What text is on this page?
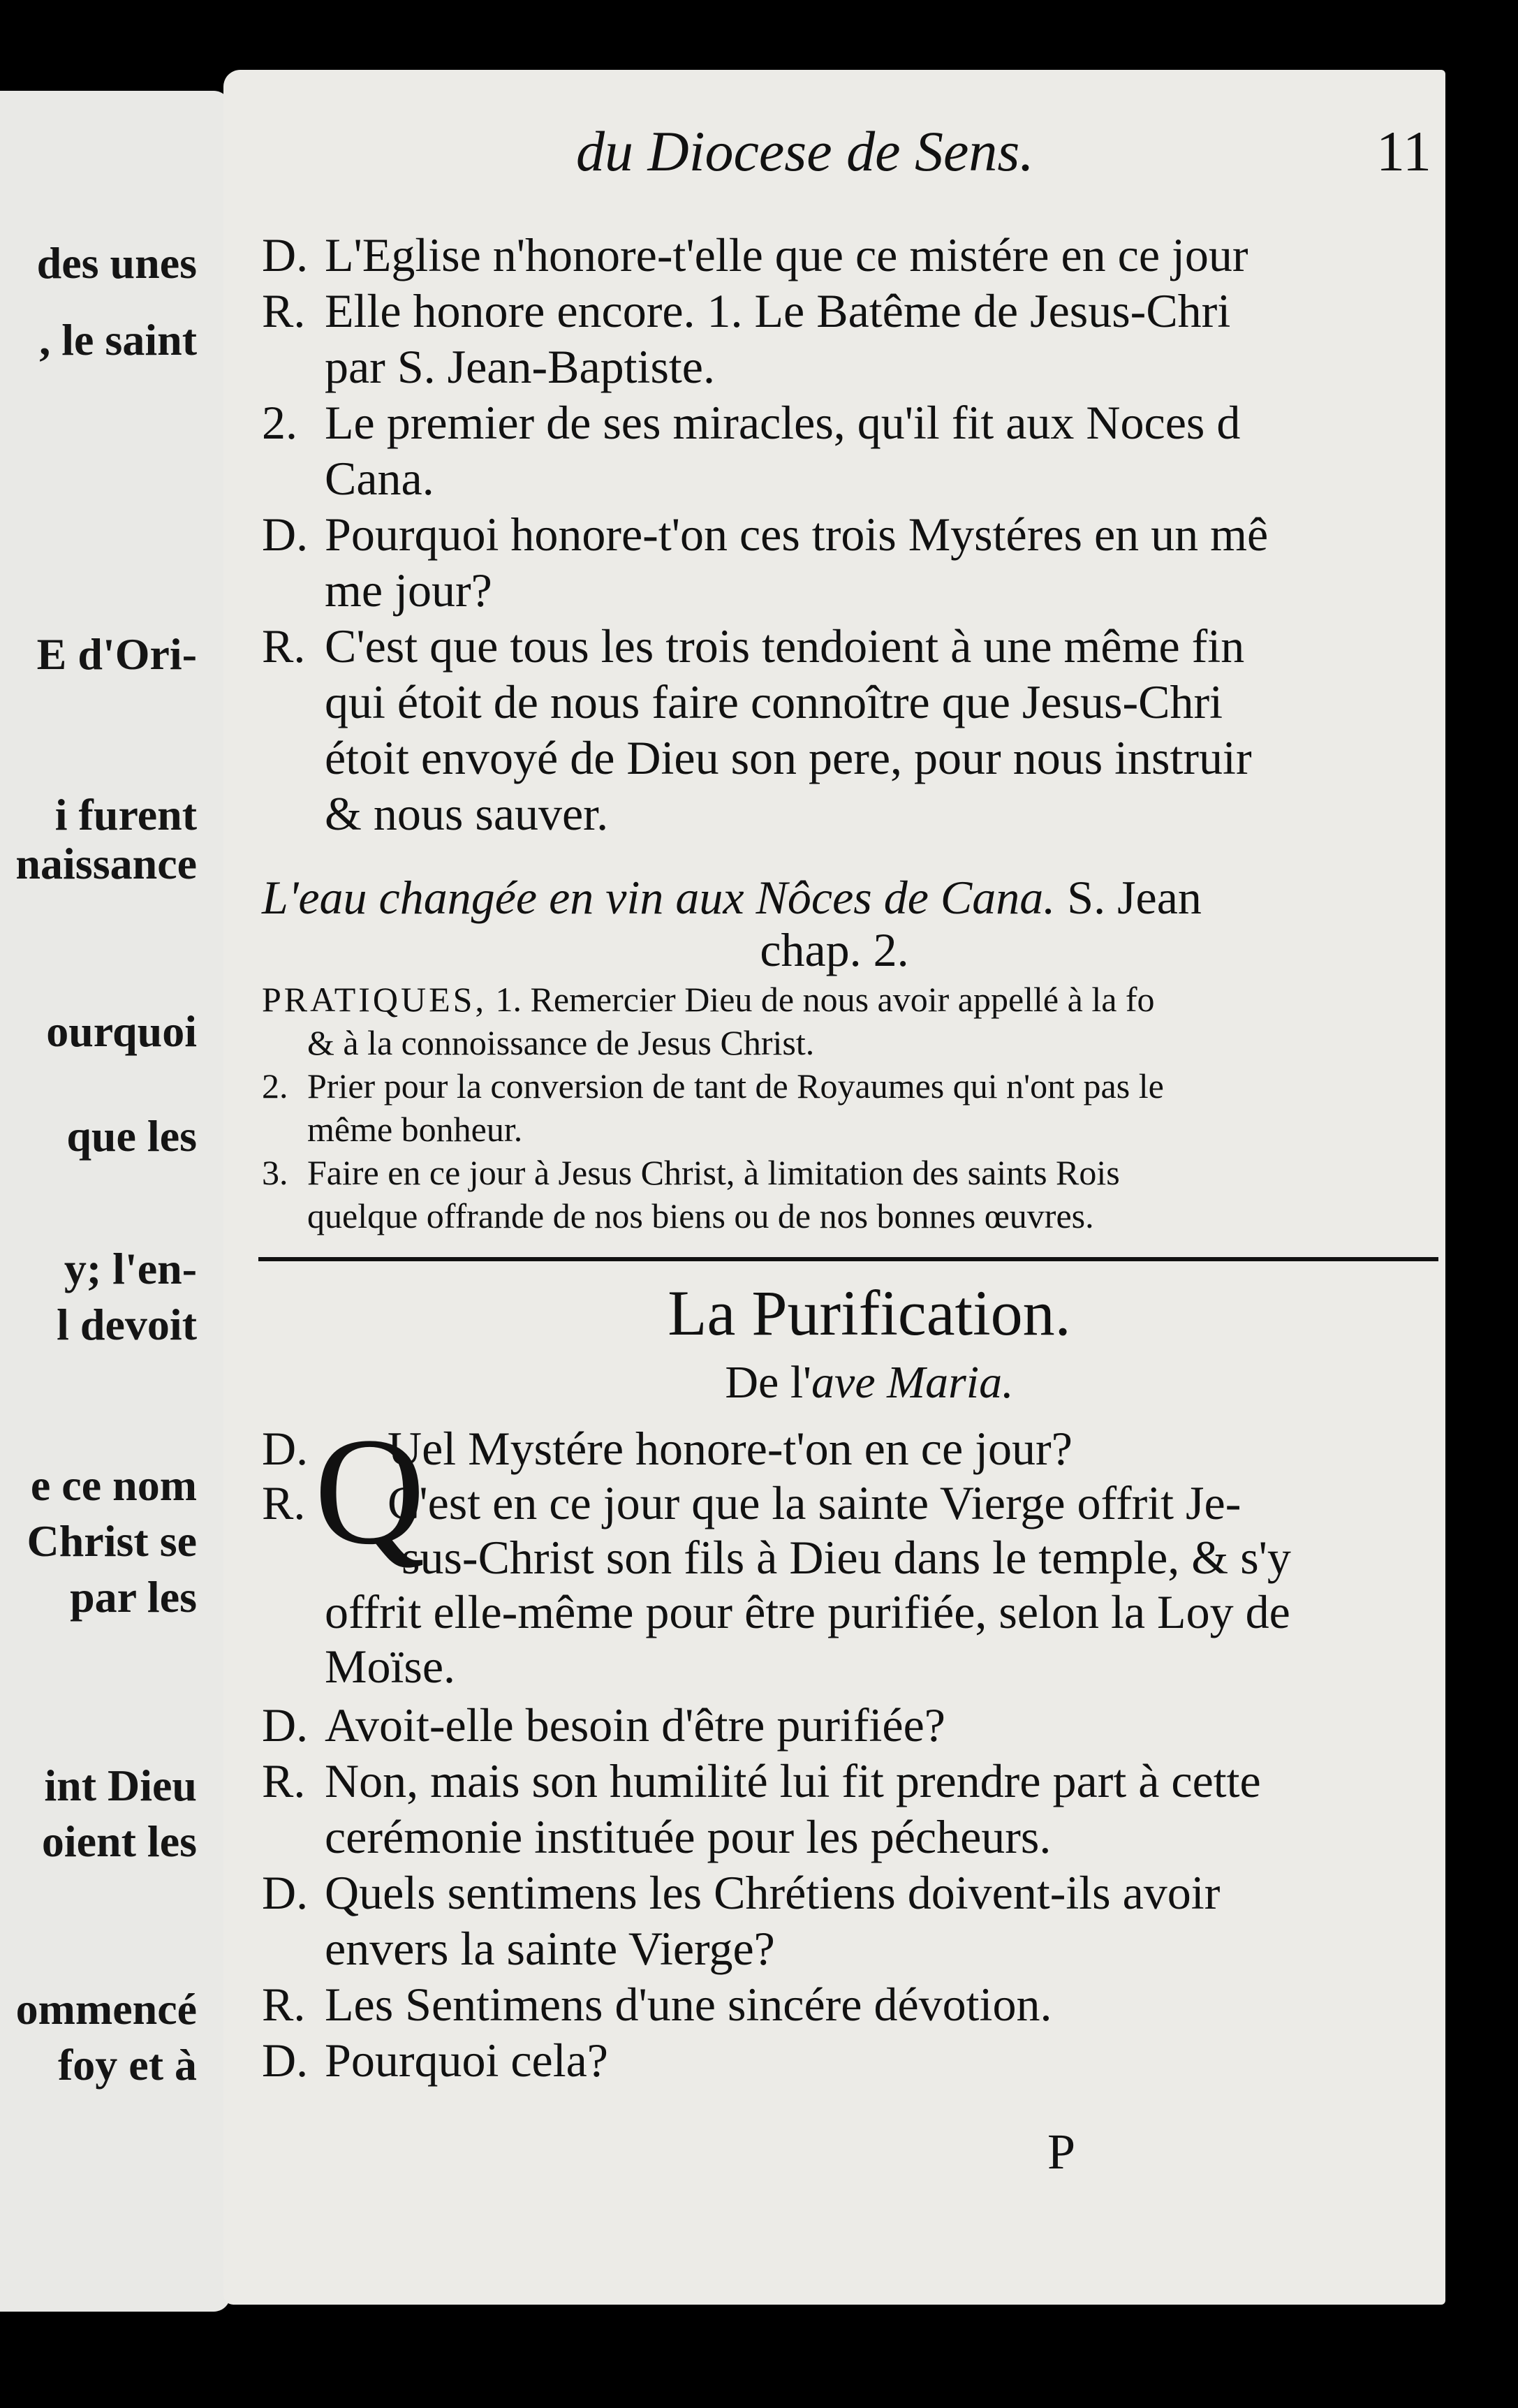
des unes
, le saint
E d'Ori-
i furent
naissance
ourquoi
que les
y; l'en-
l devoit
e ce nom
Christ se
par les
int Dieu
oient les
ommencé
foy et à
du Diocese de Sens.	11
D. L'Eglise n'honore-t'elle que ce mistére en ce jour
R. Elle honore encore. 1. Le Batême de Jesus-Chri
par S. Jean-Baptiste.
2. Le premier de ses miracles, qu'il fit aux Noces d
Cana.
D. Pourquoi honore-t'on ces trois Mystéres en un mê
me jour?
R. C'est que tous les trois tendoient à une même fin
qui étoit de nous faire connoître que Jesus-Chri
étoit envoyé de Dieu son pere, pour nous instruir
& nous sauver.
L'eau changée en vin aux Nôces de Cana. S. Jean
chap. 2.
PRATIQUES, 1. Remercier Dieu de nous avoir appellé à la fo
& à la connoissance de Jesus Christ.
2. Prier pour la conversion de tant de Royaumes qui n'ont pas le
même bonheur.
3. Faire en ce jour à Jesus Christ, à limitation des saints Rois
quelque offrande de nos biens ou de nos bonnes œuvres.
La Purification.
De l'ave Maria.
Q
D. Uel Mystére honore-t'on en ce jour?
R. C'est en ce jour que la sainte Vierge offrit Je-
sus-Christ son fils à Dieu dans le temple, & s'y
offrit elle-même pour être purifiée, selon la Loy de
Moïse.
D. Avoit-elle besoin d'être purifiée?
R. Non, mais son humilité lui fit prendre part à cette
cerémonie instituée pour les pécheurs.
D. Quels sentimens les Chrétiens doivent-ils avoir
envers la sainte Vierge?
R. Les Sentimens d'une sincére dévotion.
D. Pourquoi cela?
P
